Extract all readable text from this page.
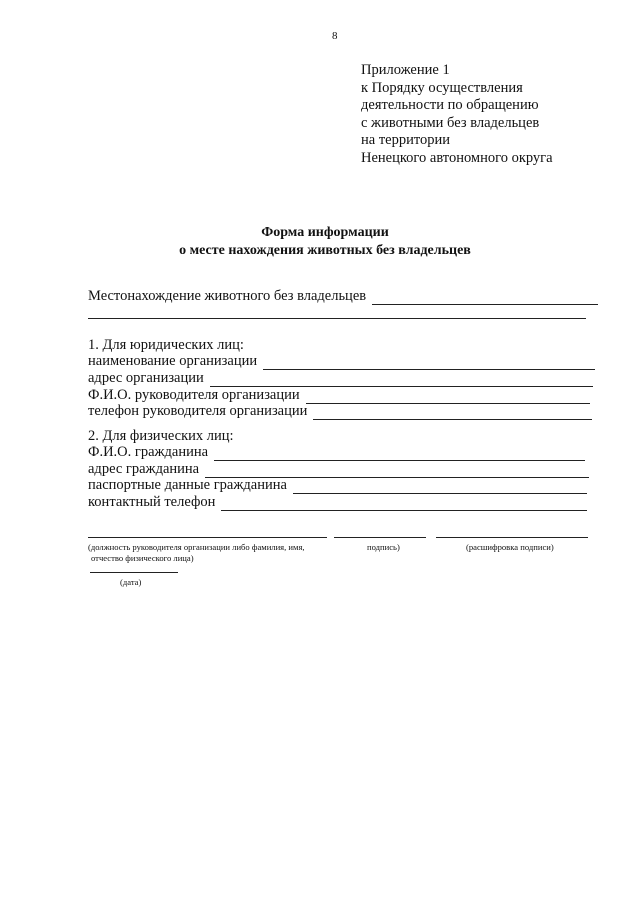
8
Приложение 1
к Порядку осуществления
деятельности по обращению
с животными без владельцев
на территории
Ненецкого автономного округа
Форма информации
о месте нахождения животных без владельцев
Местонахождение животного без владельцев
1. Для юридических лиц:
наименование организации
адрес организации
Ф.И.О. руководителя организации
телефон руководителя организации
2. Для физических лиц:
Ф.И.О. гражданина
адрес гражданина
паспортные данные гражданина
контактный телефон
(должность руководителя организации либо фамилия, имя,
отчество физического лица)
подпись)	(расшифровка подписи)
(дата)
